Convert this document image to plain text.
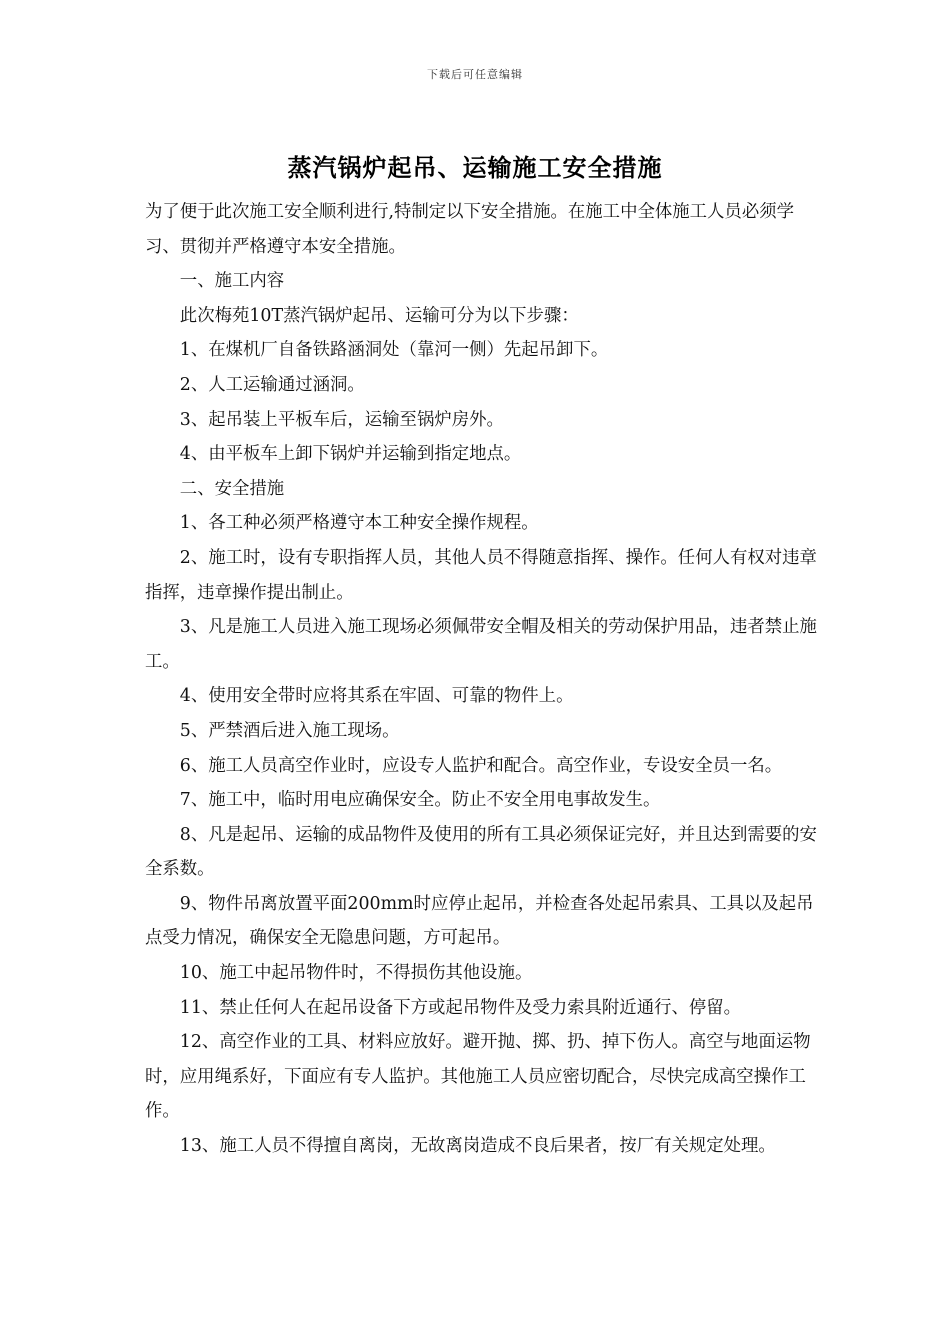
下载后可任意编辑
蒸汽锅炉起吊、运输施工安全措施

为了便于此次施工安全顺利进行,特制定以下安全措施。在施工中全体施工人员必须学习、贯彻并严格遵守本安全措施。

一、施工内容

此次梅苑10T蒸汽锅炉起吊、运输可分为以下步骤：

1、在煤机厂自备铁路涵洞处（靠河一侧）先起吊卸下。

2、人工运输通过涵洞。

3、起吊装上平板车后，运输至锅炉房外。

4、由平板车上卸下锅炉并运输到指定地点。

二、安全措施

1、各工种必须严格遵守本工种安全操作规程。

2、施工时，设有专职指挥人员，其他人员不得随意指挥、操作。任何人有权对违章指挥，违章操作提出制止。

3、凡是施工人员进入施工现场必须佩带安全帽及相关的劳动保护用品，违者禁止施工。

4、使用安全带时应将其系在牢固、可靠的物件上。

5、严禁酒后进入施工现场。

6、施工人员高空作业时，应设专人监护和配合。高空作业，专设安全员一名。

7、施工中，临时用电应确保安全。防止不安全用电事故发生。

8、凡是起吊、运输的成品物件及使用的所有工具必须保证完好，并且达到需要的安全系数。

9、物件吊离放置平面200mm时应停止起吊，并检查各处起吊索具、工具以及起吊点受力情况，确保安全无隐患问题，方可起吊。

10、施工中起吊物件时，不得损伤其他设施。

11、禁止任何人在起吊设备下方或起吊物件及受力索具附近通行、停留。

12、高空作业的工具、材料应放好。避开抛、掷、扔、掉下伤人。高空与地面运物时，应用绳系好，下面应有专人监护。其他施工人员应密切配合，尽快完成高空操作工作。

13、施工人员不得擅自离岗，无故离岗造成不良后果者，按厂有关规定处理。
